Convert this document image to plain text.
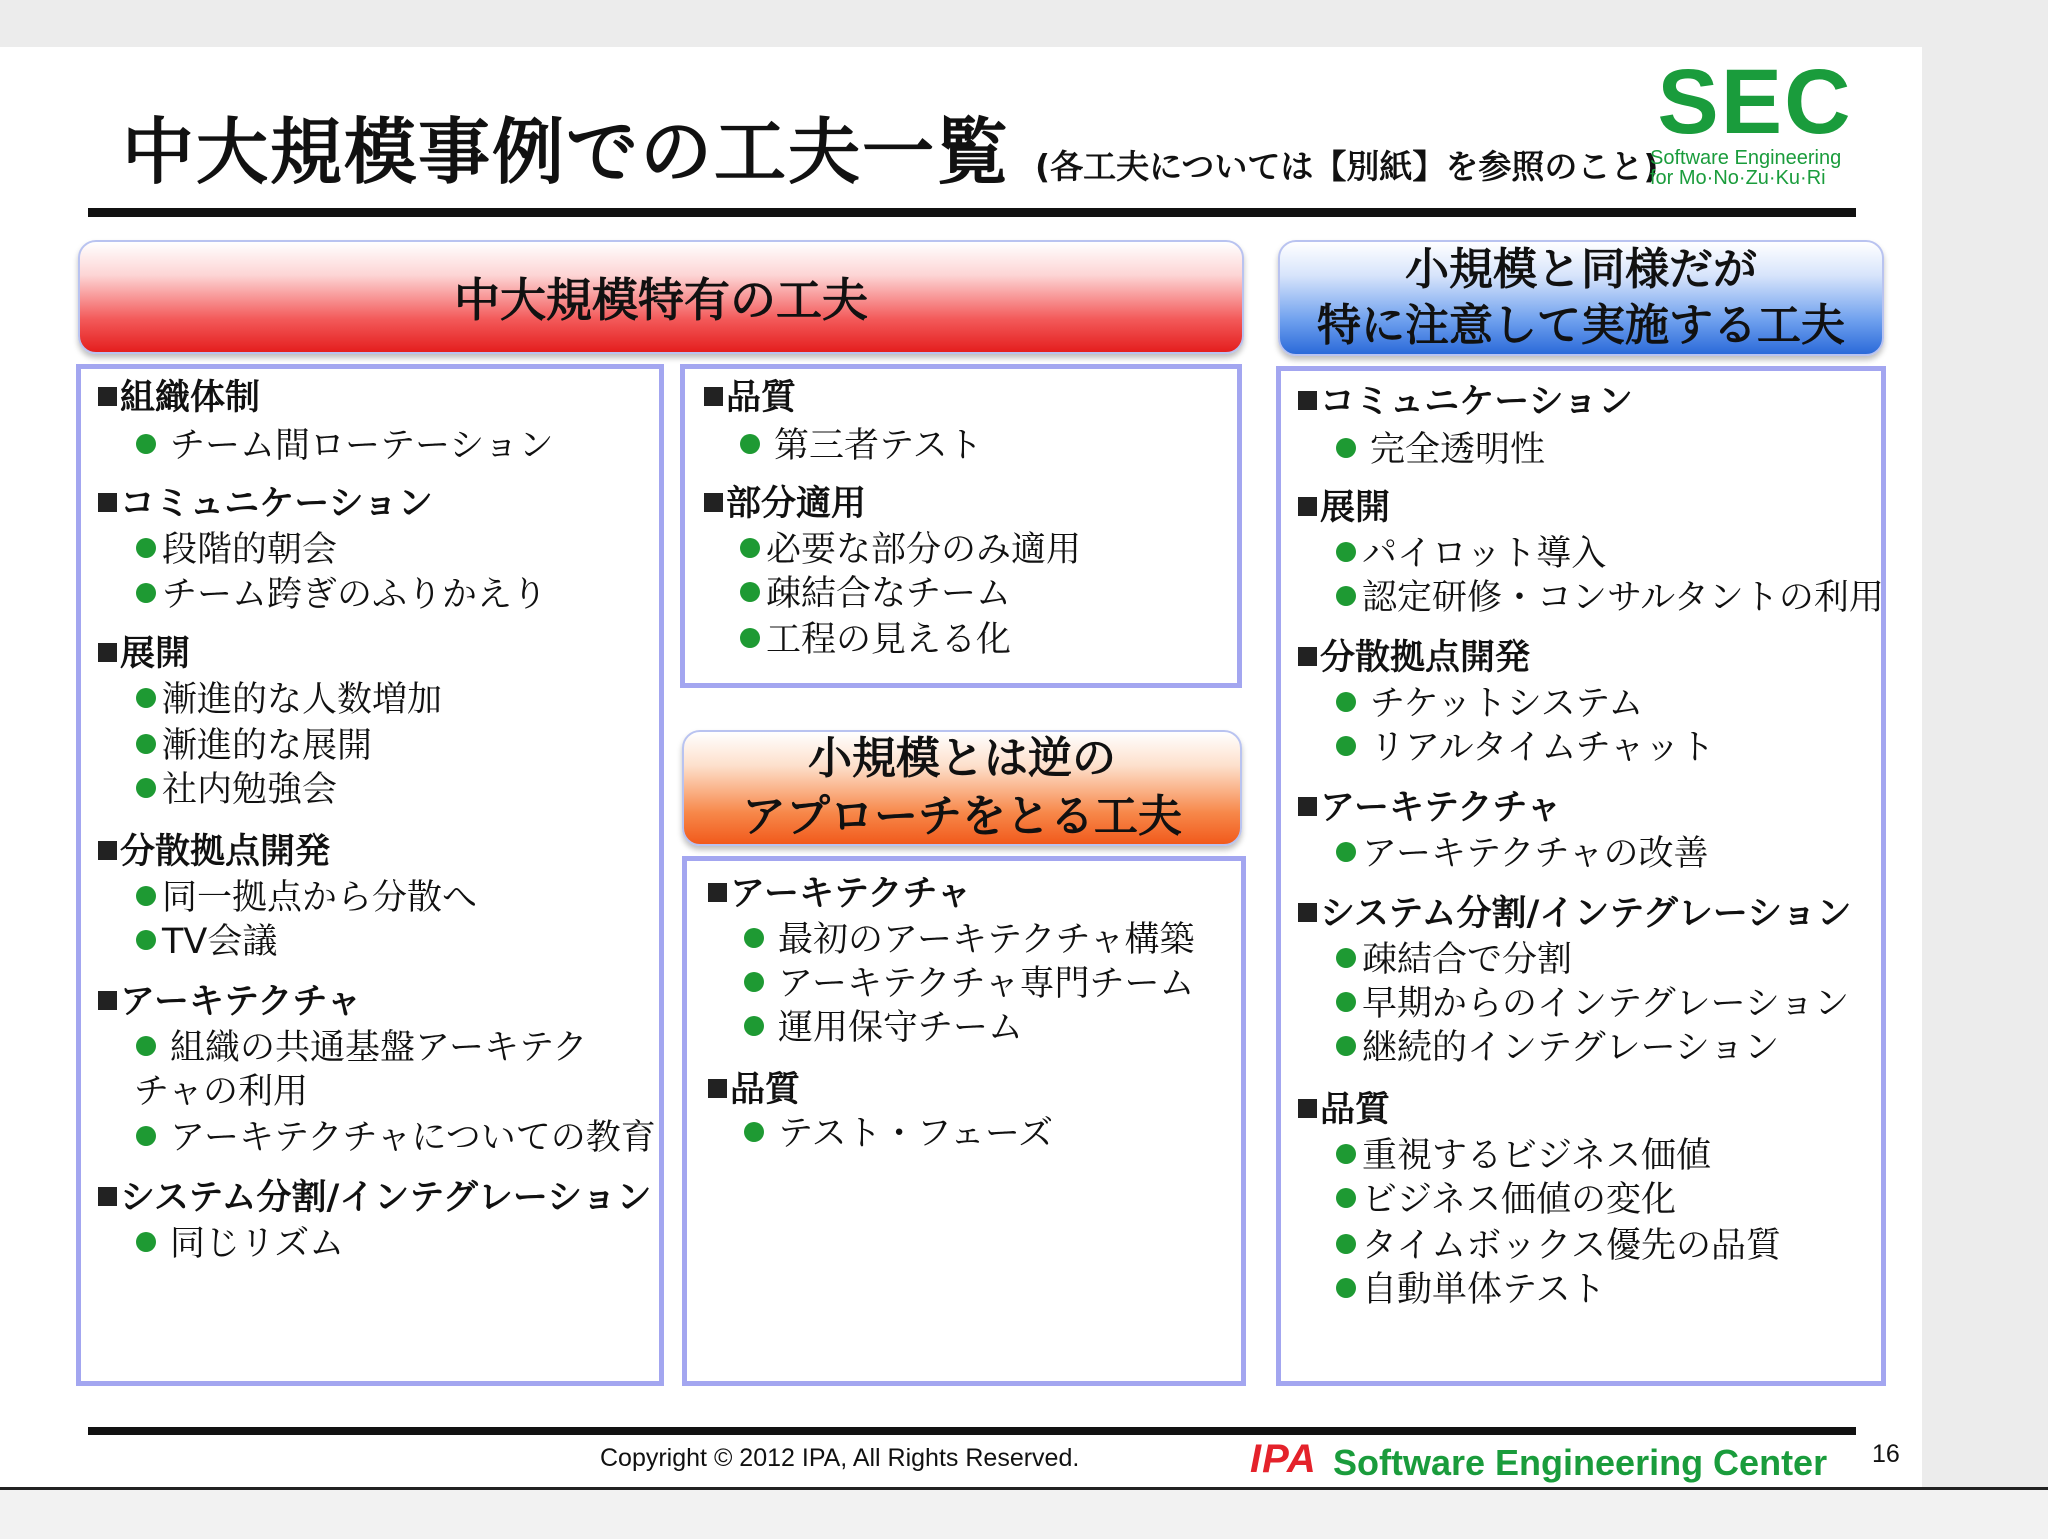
中大規模事例での工夫一覧 (各工夫については【別紙】を参照のこと)
SEC
Software Engineering
for Mo·No·Zu·Ku·Ri
中大規模特有の工夫
小規模とは逆の
アプローチをとる工夫
小規模と同様だが
特に注意して実施する工夫
組織体制
チーム間ローテーション
コミュニケーション
段階的朝会
チーム跨ぎのふりかえり
展開
漸進的な人数増加
漸進的な展開
社内勉強会
分散拠点開発
同一拠点から分散へ
TV会議
アーキテクチャ
組織の共通基盤アーキテク
チャの利用
アーキテクチャについての教育
システム分割/インテグレーション
同じリズム
品質
第三者テスト
部分適用
必要な部分のみ適用
疎結合なチーム
工程の見える化
アーキテクチャ
最初のアーキテクチャ構築
アーキテクチャ専門チーム
運用保守チーム
品質
テスト・フェーズ
コミュニケーション
完全透明性
展開
パイロット導入
認定研修・コンサルタントの利用
分散拠点開発
チケットシステム
リアルタイムチャット
アーキテクチャ
アーキテクチャの改善
システム分割/インテグレーション
疎結合で分割
早期からのインテグレーション
継続的インテグレーション
品質
重視するビジネス価値
ビジネス価値の変化
タイムボックス優先の品質
自動単体テスト
Copyright © 2012 IPA, All Rights Reserved.	IPA Software Engineering Center 16
